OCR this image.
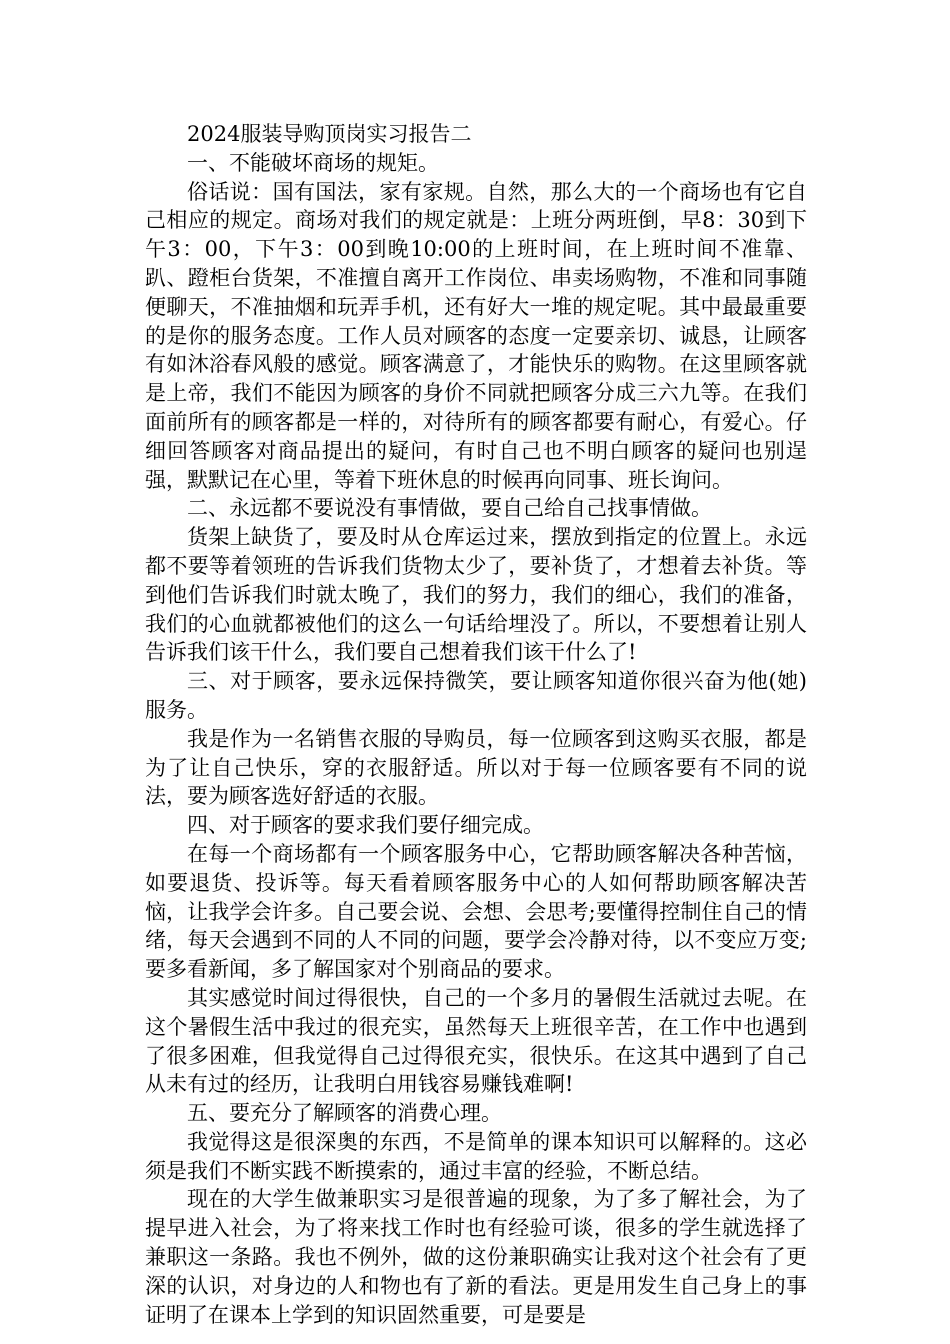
2024服装导购顶岗实习报告二

一、不能破坏商场的规矩。

俗话说：国有国法，家有家规。自然，那么大的一个商场也有它自己相应的规定。商场对我们的规定就是：上班分两班倒，早8：30到下午3：00，下午3：00到晚10:00的上班时间，在上班时间不准靠、趴、蹬柜台货架，不准擅自离开工作岗位、串卖场购物，不准和同事随便聊天，不准抽烟和玩弄手机，还有好大一堆的规定呢。其中最最重要的是你的服务态度。工作人员对顾客的态度一定要亲切、诚恳，让顾客有如沐浴春风般的感觉。顾客满意了，才能快乐的购物。在这里顾客就是上帝，我们不能因为顾客的身价不同就把顾客分成三六九等。在我们面前所有的顾客都是一样的，对待所有的顾客都要有耐心，有爱心。仔细回答顾客对商品提出的疑问，有时自己也不明白顾客的疑问也别逞强，默默记在心里，等着下班休息的时候再向同事、班长询问。

二、永远都不要说没有事情做，要自己给自己找事情做。

货架上缺货了，要及时从仓库运过来，摆放到指定的位置上。永远都不要等着领班的告诉我们货物太少了，要补货了，才想着去补货。等到他们告诉我们时就太晚了，我们的努力，我们的细心，我们的准备，我们的心血就都被他们的这么一句话给埋没了。所以，不要想着让别人告诉我们该干什么，我们要自己想着我们该干什么了!

三、对于顾客，要永远保持微笑，要让顾客知道你很兴奋为他(她)服务。

我是作为一名销售衣服的导购员，每一位顾客到这购买衣服，都是为了让自己快乐，穿的衣服舒适。所以对于每一位顾客要有不同的说法，要为顾客选好舒适的衣服。

四、对于顾客的要求我们要仔细完成。

在每一个商场都有一个顾客服务中心，它帮助顾客解决各种苦恼，如要退货、投诉等。每天看着顾客服务中心的人如何帮助顾客解决苦恼，让我学会许多。自己要会说、会想、会思考;要懂得控制住自己的情绪，每天会遇到不同的人不同的问题，要学会冷静对待，以不变应万变;要多看新闻，多了解国家对个别商品的要求。

其实感觉时间过得很快，自己的一个多月的暑假生活就过去呢。在这个暑假生活中我过的很充实，虽然每天上班很辛苦，在工作中也遇到了很多困难，但我觉得自己过得很充实，很快乐。在这其中遇到了自己从未有过的经历，让我明白用钱容易赚钱难啊!

五、要充分了解顾客的消费心理。

我觉得这是很深奥的东西，不是简单的课本知识可以解释的。这必须是我们不断实践不断摸索的，通过丰富的经验，不断总结。

现在的大学生做兼职实习是很普遍的现象，为了多了解社会，为了提早进入社会，为了将来找工作时也有经验可谈，很多的学生就选择了兼职这一条路。我也不例外，做的这份兼职确实让我对这个社会有了更深的认识，对身边的人和物也有了新的看法。更是用发生自己身上的事证明了在课本上学到的知识固然重要，可是要是
